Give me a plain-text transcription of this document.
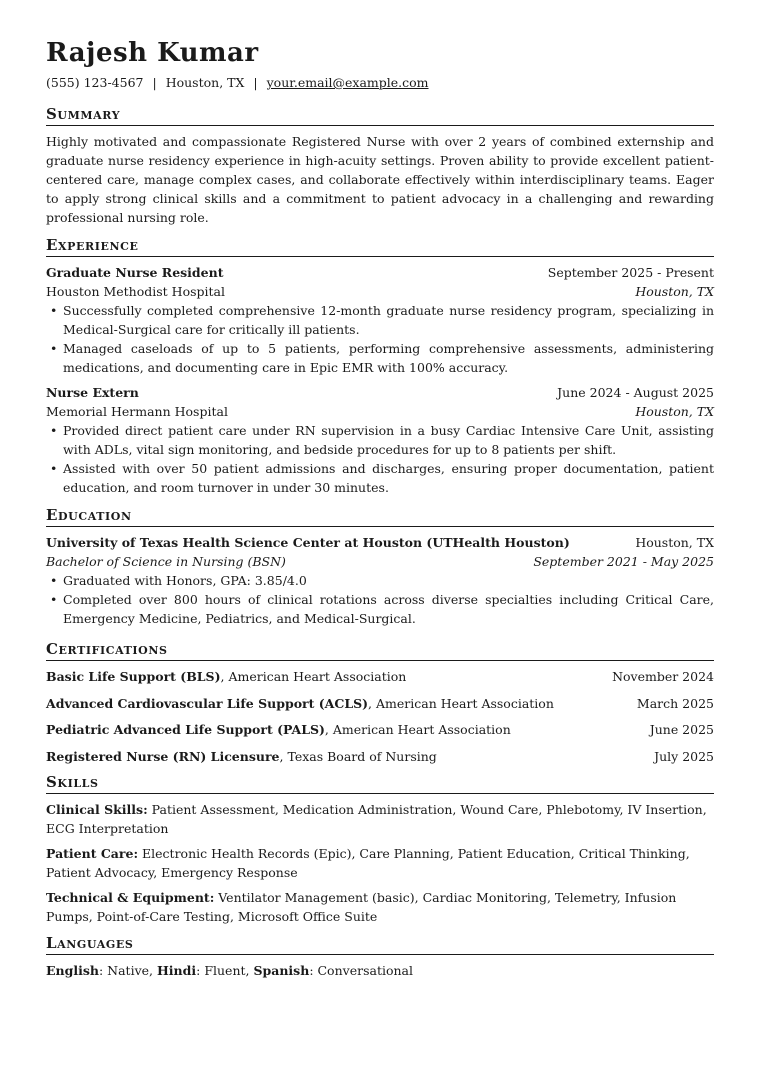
Rajesh Kumar
(555) 123-4567 | Houston, TX | your.email@example.com
Summary

Highly motivated and compassionate Registered Nurse with over 2 years of combined externship and graduate nurse residency experience in high-acuity settings. Proven ability to provide excellent patient-centered care, manage complex cases, and collaborate effectively within interdisciplinary teams. Eager to apply strong clinical skills and a commitment to patient advocacy in a challenging and rewarding professional nursing role.

Experience
Graduate Nurse Resident	September 2025 - Present
Houston Methodist Hospital	Houston, TX
• Successfully completed comprehensive 12-month graduate nurse residency program, specializing in Medical-Surgical care for critically ill patients.
• Managed caseloads of up to 5 patients, performing comprehensive assessments, administering medications, and documenting care in Epic EMR with 100% accuracy.
Nurse Extern	June 2024 - August 2025
Memorial Hermann Hospital	Houston, TX
• Provided direct patient care under RN supervision in a busy Cardiac Intensive Care Unit, assisting with ADLs, vital sign monitoring, and bedside procedures for up to 8 patients per shift.
• Assisted with over 50 patient admissions and discharges, ensuring proper documentation, patient education, and room turnover in under 30 minutes.
Education
University of Texas Health Science Center at Houston (UTHealth Houston)	Houston, TX
Bachelor of Science in Nursing (BSN)	September 2021 - May 2025
• Graduated with Honors, GPA: 3.85/4.0
• Completed over 800 hours of clinical rotations across diverse specialties including Critical Care, Emergency Medicine, Pediatrics, and Medical-Surgical.
Certifications
Basic Life Support (BLS), American Heart Association	November 2024
Advanced Cardiovascular Life Support (ACLS), American Heart Association	March 2025
Pediatric Advanced Life Support (PALS), American Heart Association	June 2025
Registered Nurse (RN) Licensure, Texas Board of Nursing	July 2025
Skills
Clinical Skills: Patient Assessment, Medication Administration, Wound Care, Phlebotomy, IV Insertion, ECG Interpretation
Patient Care: Electronic Health Records (Epic), Care Planning, Patient Education, Critical Thinking, Patient Advocacy, Emergency Response
Technical & Equipment: Ventilator Management (basic), Cardiac Monitoring, Telemetry, Infusion Pumps, Point-of-Care Testing, Microsoft Office Suite
Languages
English: Native, Hindi: Fluent, Spanish: Conversational
